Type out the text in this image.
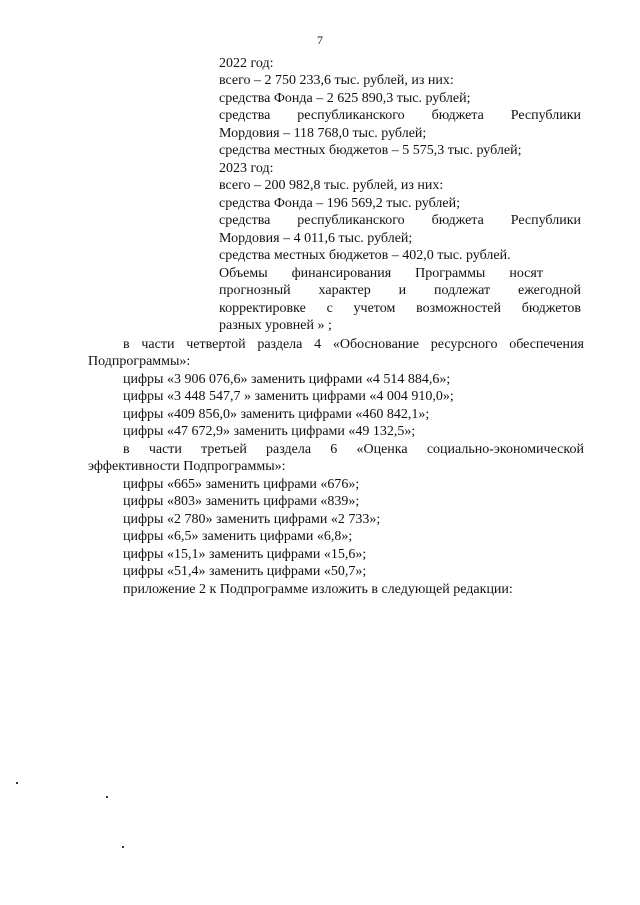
7
2022 год:
всего – 2 750 233,6 тыс. рублей, из них:
средства Фонда – 2 625 890,3 тыс. рублей;
средства республиканского бюджета Республики
Мордовия – 118 768,0 тыс. рублей;
средства местных бюджетов – 5 575,3 тыс. рублей;
2023 год:
всего – 200 982,8 тыс. рублей, из них:
средства Фонда – 196 569,2 тыс. рублей;
средства республиканского бюджета Республики
Мордовия – 4 011,6 тыс. рублей;
средства местных бюджетов – 402,0 тыс. рублей.
Объемы финансирования Программы носят
прогнозный характер и подлежат ежегодной
корректировке с учетом возможностей бюджетов
разных уровней » ;
в части четвертой раздела 4 «Обоснование ресурсного обеспечения
Подпрограммы»:
цифры «3 906 076,6» заменить цифрами «4 514 884,6»;
цифры «3 448 547,7 » заменить цифрами «4 004 910,0»;
цифры «409 856,0» заменить цифрами «460 842,1»;
цифры «47 672,9» заменить цифрами «49 132,5»;
в части третьей раздела 6 «Оценка социально-экономической
эффективности Подпрограммы»:
цифры «665» заменить цифрами «676»;
цифры «803» заменить цифрами «839»;
цифры «2 780» заменить цифрами «2 733»;
цифры «6,5» заменить цифрами «6,8»;
цифры «15,1» заменить цифрами «15,6»;
цифры «51,4» заменить цифрами «50,7»;
приложение 2 к Подпрограмме изложить в следующей редакции:
